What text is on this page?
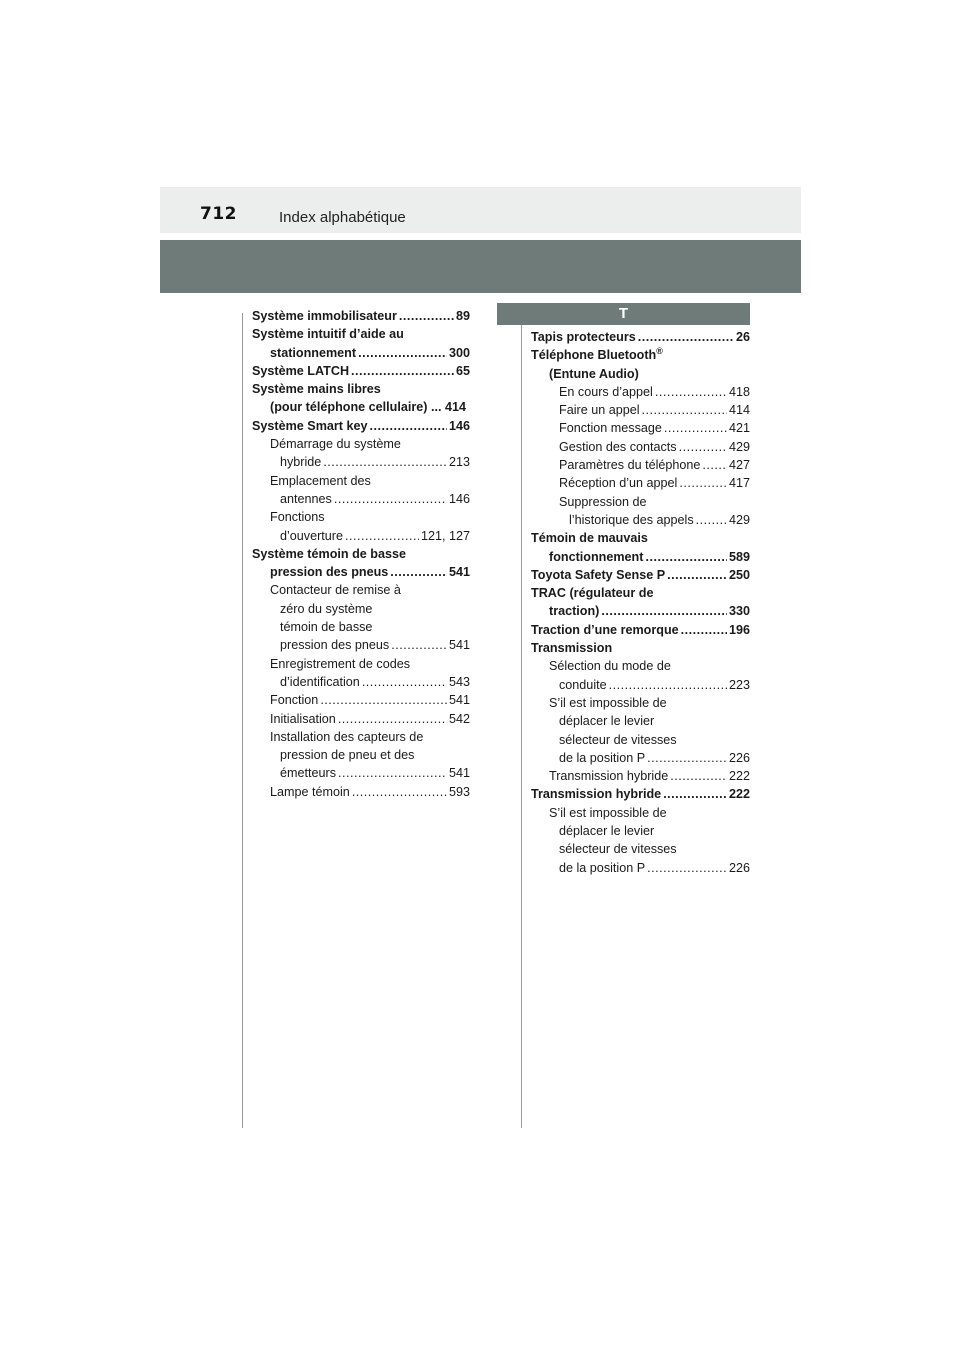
712	Index alphabétique
T
Système immobilisateur .....	89
Système intuitif d’aide au
stationnement .....	300
Système LATCH .....	65
Système mains libres
(pour téléphone cellulaire) ... 414
Système Smart key .....	146
Démarrage du système
hybride .....	213
Emplacement des
antennes .....	146
Fonctions
d’ouverture .....	121, 127
Système témoin de basse
pression des pneus .....	541
Contacteur de remise à
zéro du système
témoin de basse
pression des pneus .....	541
Enregistrement de codes
d’identification .....	543
Fonction .....	541
Initialisation .....	542
Installation des capteurs de
pression de pneu et des
émetteurs .....	541
Lampe témoin .....	593
Tapis protecteurs .....	26
Téléphone Bluetooth®
(Entune Audio)
En cours d’appel .....	418
Faire un appel .....	414
Fonction message .....	421
Gestion des contacts .....	429
Paramètres du téléphone ..... 427
Réception d’un appel .....	417
Suppression de
l’historique des appels .....	429
Témoin de mauvais
fonctionnement .....	589
Toyota Safety Sense P .....	250
TRAC (régulateur de
traction) .....	330
Traction d’une remorque .....	196
Transmission
Sélection du mode de
conduite .....	223
S’il est impossible de
déplacer le levier
sélecteur de vitesses
de la position P .....	226
Transmission hybride .....	222
Transmission hybride .....	222
S’il est impossible de
déplacer le levier
sélecteur de vitesses
de la position P .....	226
